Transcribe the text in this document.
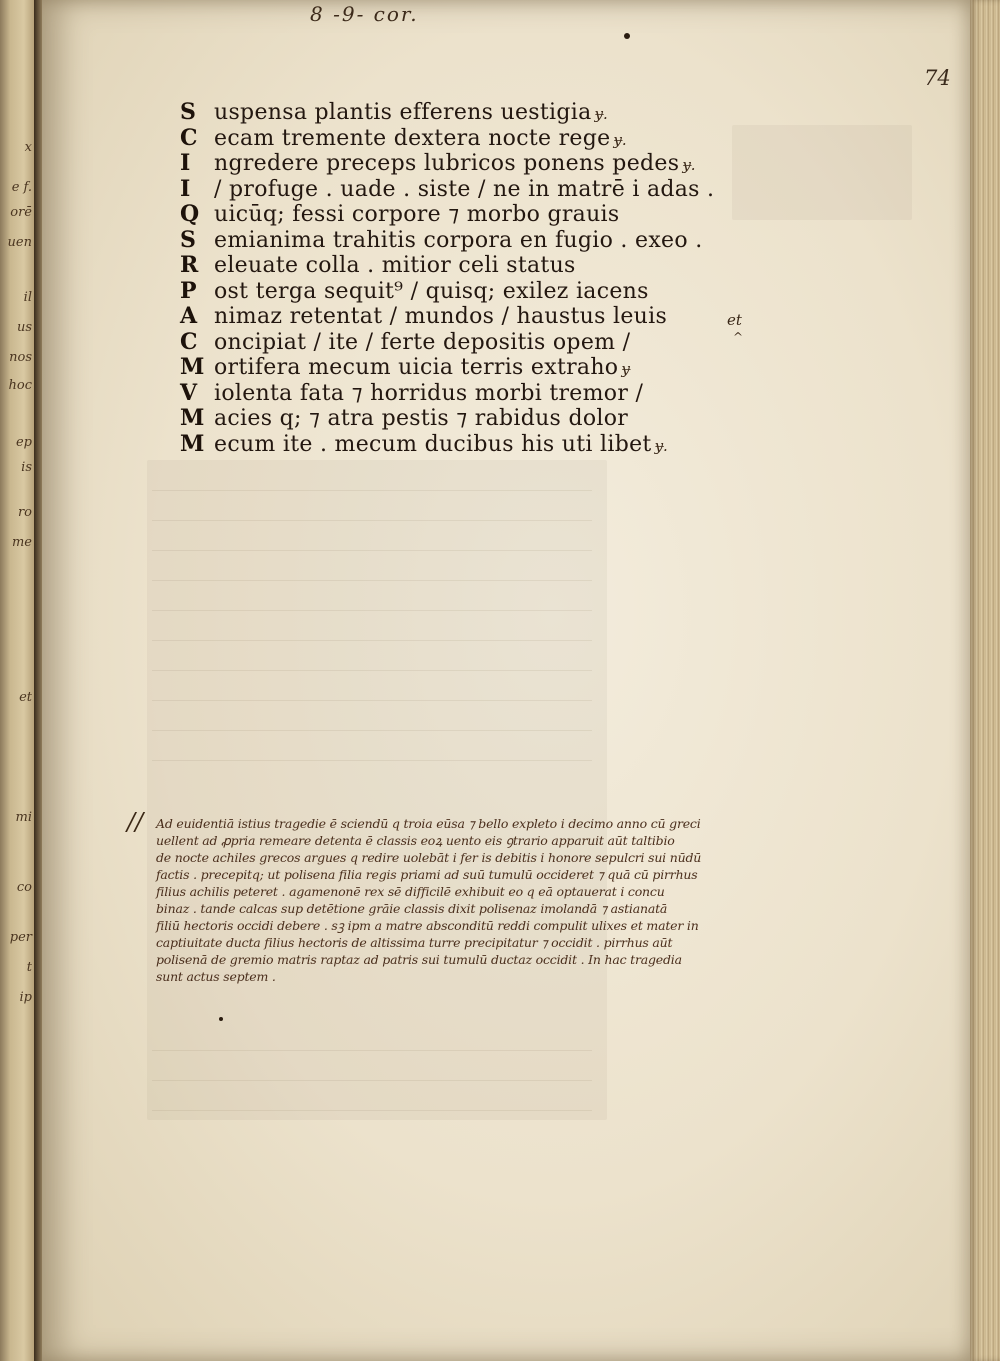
x
e f.
orē
uen
il
us
nos
hoc
ep
is
ro
me
et
mi
co
per
t
ip
8 -9- cor.
74
S uspensa plantis efferens uestigia ɏ.
C ecam tremente dextera nocte rege ɏ.
I ngredere preceps lubricos ponens pedes ɏ.
I / profuge . uade . siste / ne in matrē i adas .
Q uicūq; fessi corpore ⁊ morbo grauis
S emianima trahitis corpora en fugio . exeo .
R eleuate colla . mitior celi status
P ost terga sequit⁹ / quisq; exilez iacens
A nimaz retentat / mundos / haustus leuis
C oncipiat / ite / ferte depositis opem /
M ortifera mecum uicia terris extraho ɏ
V iolenta fata ⁊ horridus morbi tremor /
M acies q; ⁊ atra pestis ⁊ rabidus dolor
M ecum ite . mecum ducibus his uti libet ɏ.
et
^
// Ad euidentiā istius tragedie ē sciendū q troia eūsa ⁊ bello expleto i decimo anno cū greci
uellent ad ꝓpria remeare detenta ē classis eoꝝ uento eis ꝯtrario apparuit aūt taltibio
de nocte achiles grecos argues q redire uolebāt i fer is debitis i honore sepulcri sui nūdū
factis . precepitq; ut polisena filia regis priami ad suū tumulū occideret ⁊ quā cū pirrhus
filius achilis peteret . agamenonē rex sē difficilē exhibuit eo q eā optauerat i concu
binaz . tande calcas sup detētione grāie classis dixit polisenaz imolandā ⁊ astianatā
filiū hectoris occidi debere . sꝫ ipm a matre absconditū reddi compulit ulixes et mater in
captiuitate ducta filius hectoris de altissima turre precipitatur ⁊ occidit . pirrhus aūt
polisenā de gremio matris raptaz ad patris sui tumulū ductaz occidit . In hac tragedia
sunt actus septem .
